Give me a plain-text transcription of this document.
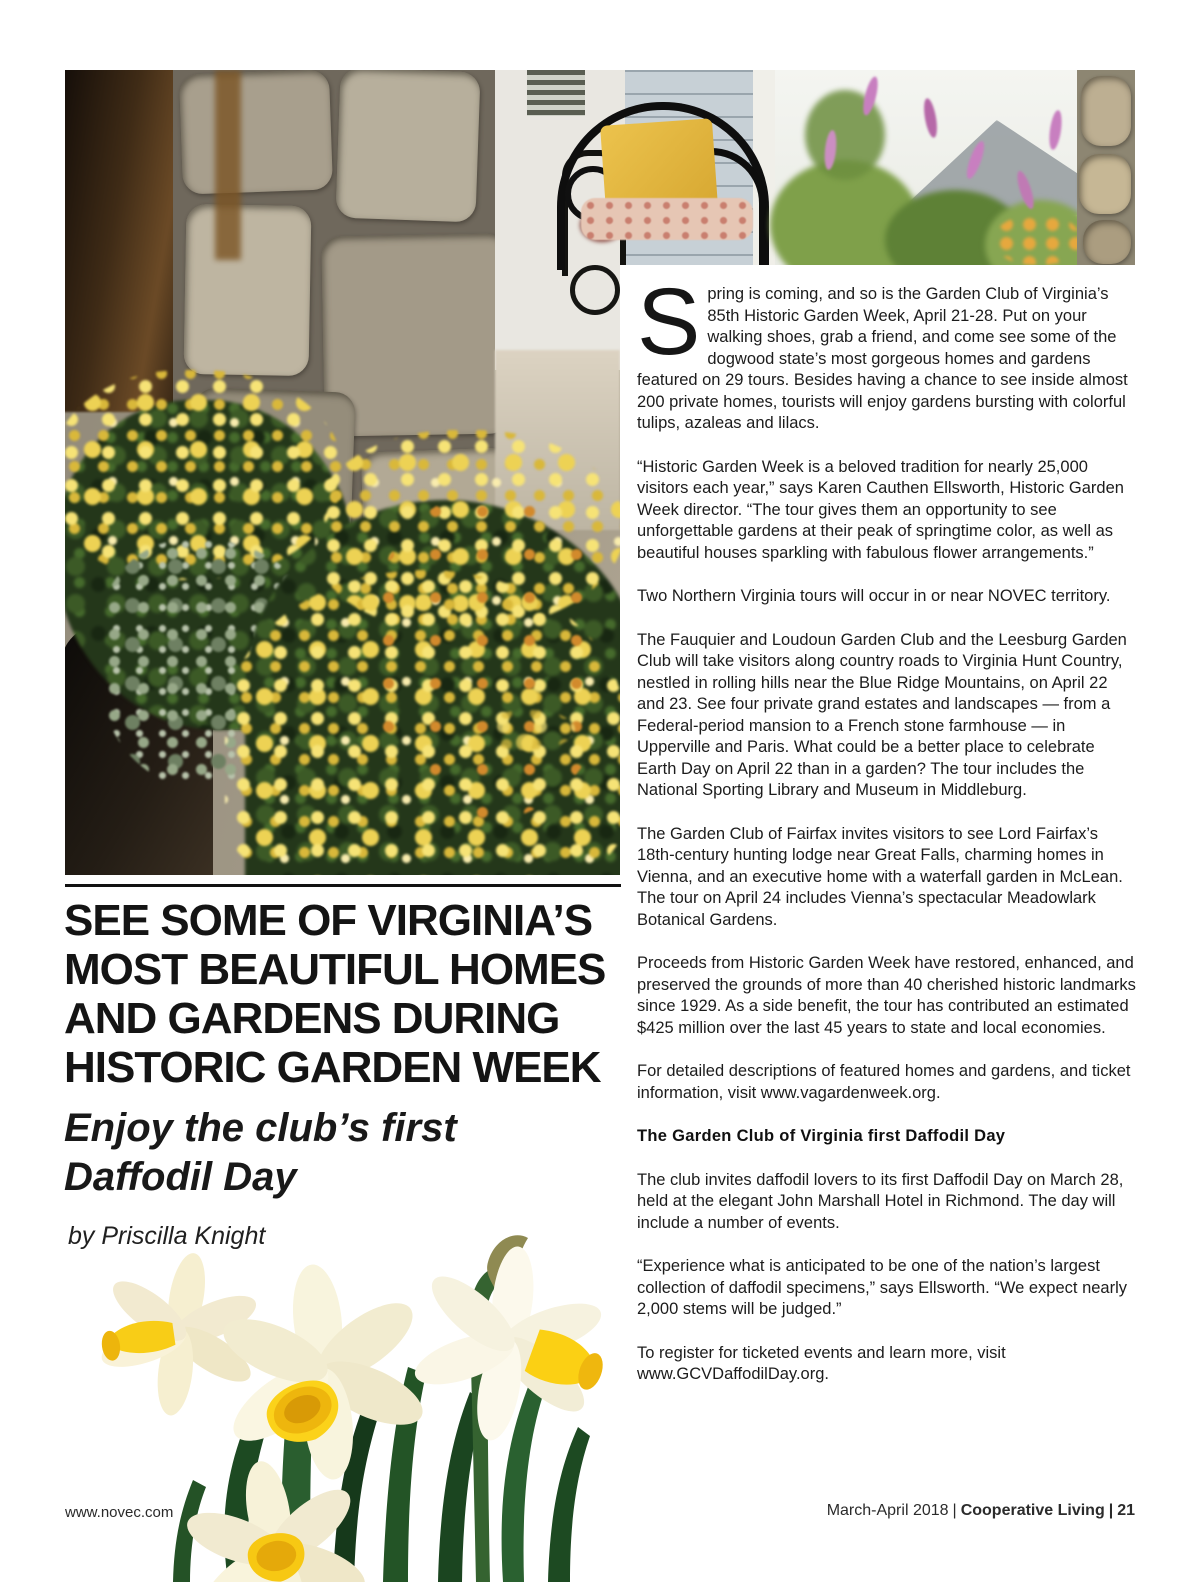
SEE SOME OF VIRGINIA’S
MOST BEAUTIFUL HOMES
AND GARDENS DURING
HISTORIC GARDEN WEEK
Enjoy the club’s first
Daffodil Day
by Priscilla Knight

Spring is coming, and so is the Garden Club of Virginia’s 85th Historic Garden Week, April 21-28. Put on your walking shoes, grab a friend, and come see some of the dogwood state’s most gorgeous homes and gardens featured on 29 tours. Besides having a chance to see inside almost 200 private homes, tourists will enjoy gardens bursting with colorful tulips, azaleas and lilacs.

“Historic Garden Week is a beloved tradition for nearly 25,000 visitors each year,” says Karen Cauthen Ellsworth, Historic Garden Week director. “The tour gives them an opportunity to see unforgettable gardens at their peak of springtime color, as well as beautiful houses sparkling with fabulous flower arrangements.”

Two Northern Virginia tours will occur in or near NOVEC territory.

The Fauquier and Loudoun Garden Club and the Leesburg Garden Club will take visitors along country roads to Virginia Hunt Country, nestled in rolling hills near the Blue Ridge Mountains, on April 22 and 23. See four private grand estates and landscapes — from a Federal-period mansion to a French stone farmhouse — in Upperville and Paris. What could be a better place to celebrate Earth Day on April 22 than in a garden? The tour includes the National Sporting Library and Museum in Middleburg.

The Garden Club of Fairfax invites visitors to see Lord Fairfax’s 18th-century hunting lodge near Great Falls, charming homes in Vienna, and an executive home with a waterfall garden in McLean. The tour on April 24 includes Vienna’s spectacular Meadowlark Botanical Gardens.

Proceeds from Historic Garden Week have restored, enhanced, and preserved the grounds of more than 40 cherished historic landmarks since 1929. As a side benefit, the tour has contributed an estimated $425 million over the last 45 years to state and local economies.

For detailed descriptions of featured homes and gardens, and ticket information, visit www.vagardenweek.org.

The Garden Club of Virginia first Daffodil Day

The club invites daffodil lovers to its first Daffodil Day on March 28, held at the elegant John Marshall Hotel in Richmond. The day will include a number of events.

“Experience what is anticipated to be one of the nation’s largest collection of daffodil specimens,” says Ellsworth. “We expect nearly 2,000 stems will be judged.”

To register for ticketed events and learn more, visit www.GCVDaffodilDay.org.

www.novec.com	March-April 2018 | Cooperative Living | 21
